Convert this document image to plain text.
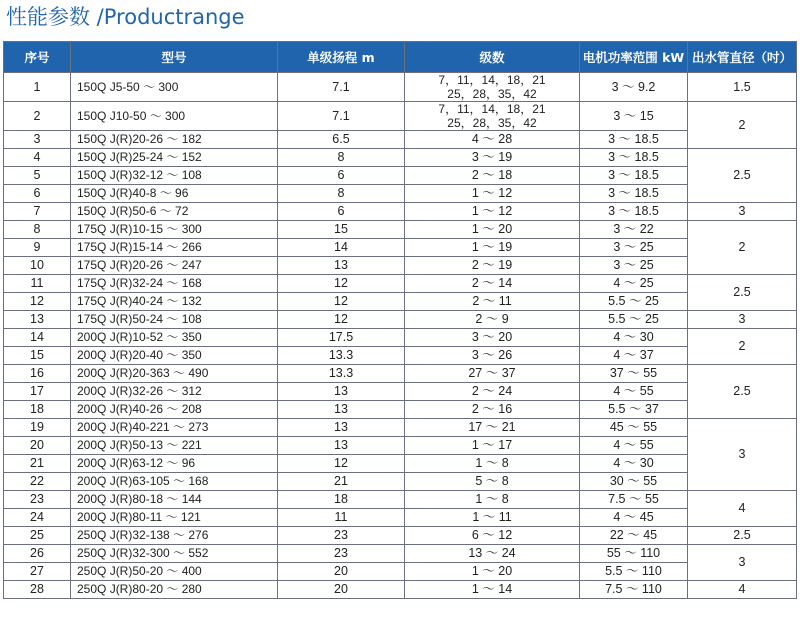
性能参数 /Productrange
序号	型号	单级扬程 m	级数	电机功率范围 kW	出水管直径（吋）
1	150Q J5-50 ～ 300	7.1	7，11，14，18，21
25，28，35，42	3 ～ 9.2	1.5
2	150Q J10-50 ～ 300	7.1	7，11，14，18，21
25，28，35，42	3 ～ 15	2
3	150Q J(R)20-26 ～ 182	6.5	4 ～ 28	3 ～ 18.5	
4	150Q J(R)25-24 ～ 152	8	3 ～ 19	3 ～ 18.5	2.5
5	150Q J(R)32-12 ～ 108	6	2 ～ 18	3 ～ 18.5	
6	150Q J(R)40-8 ～ 96	8	1 ～ 12	3 ～ 18.5	
7	150Q J(R)50-6 ～ 72	6	1 ～ 12	3 ～ 18.5	3
8	175Q J(R)10-15 ～ 300	15	1 ～ 20	3 ～ 22	2
9	175Q J(R)15-14 ～ 266	14	1 ～ 19	3 ～ 25	
10	175Q J(R)20-26 ～ 247	13	2 ～ 19	3 ～ 25	
11	175Q J(R)32-24 ～ 168	12	2 ～ 14	4 ～ 25	2.5
12	175Q J(R)40-24 ～ 132	12	2 ～ 11	5.5 ～ 25	
13	175Q J(R)50-24 ～ 108	12	2 ～ 9	5.5 ～ 25	3
14	200Q J(R)10-52 ～ 350	17.5	3 ～ 20	4 ～ 30	2
15	200Q J(R)20-40 ～ 350	13.3	3 ～ 26	4 ～ 37	
16	200Q J(R)20-363 ～ 490	13.3	27 ～ 37	37 ～ 55	2.5
17	200Q J(R)32-26 ～ 312	13	2 ～ 24	4 ～ 55	
18	200Q J(R)40-26 ～ 208	13	2 ～ 16	5.5 ～ 37	
19	200Q J(R)40-221 ～ 273	13	17 ～ 21	45 ～ 55	3
20	200Q J(R)50-13 ～ 221	13	1 ～ 17	4 ～ 55	
21	200Q J(R)63-12 ～ 96	12	1 ～ 8	4 ～ 30	
22	200Q J(R)63-105 ～ 168	21	5 ～ 8	30 ～ 55	
23	200Q J(R)80-18 ～ 144	18	1 ～ 8	7.5 ～ 55	4
24	200Q J(R)80-11 ～ 121	11	1 ～ 11	4 ～ 45	
25	250Q J(R)32-138 ～ 276	23	6 ～ 12	22 ～ 45	2.5
26	250Q J(R)32-300 ～ 552	23	13 ～ 24	55 ～ 110	3
27	250Q J(R)50-20 ～ 400	20	1 ～ 20	5.5 ～ 110	
28	250Q J(R)80-20 ～ 280	20	1 ～ 14	7.5 ～ 110	4
